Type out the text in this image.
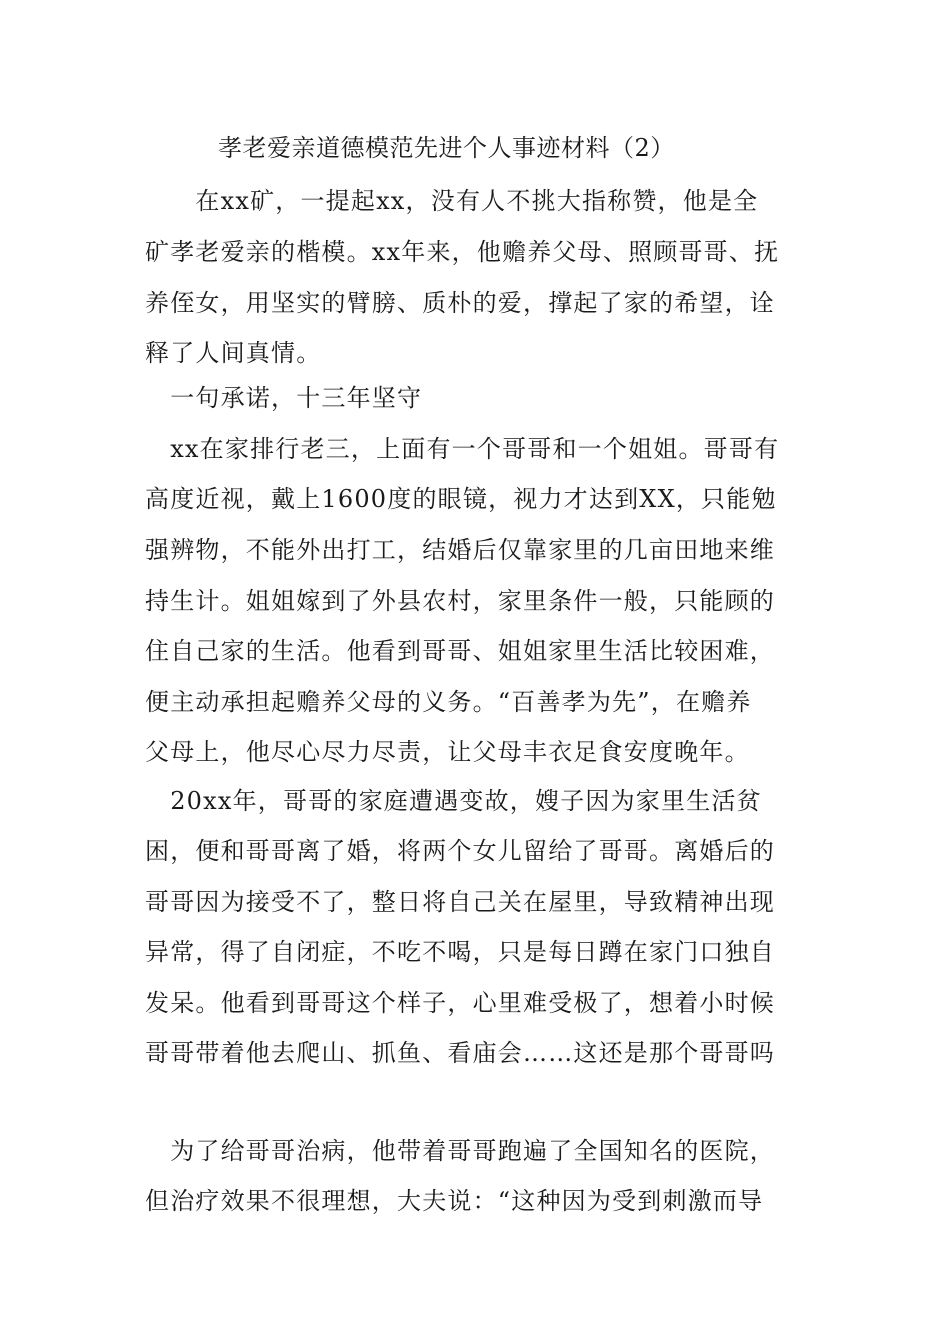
孝老爱亲道德模范先进个人事迹材料（2）
　　在xx矿，一提起xx，没有人不挑大指称赞，他是全
矿孝老爱亲的楷模。xx年来，他赡养父母、照顾哥哥、抚
养侄女，用坚实的臂膀、质朴的爱，撑起了家的希望，诠
释了人间真情。
　一句承诺，十三年坚守
　xx在家排行老三，上面有一个哥哥和一个姐姐。哥哥有
高度近视，戴上1600度的眼镜，视力才达到XX，只能勉
强辨物，不能外出打工，结婚后仅靠家里的几亩田地来维
持生计。姐姐嫁到了外县农村，家里条件一般，只能顾的
住自己家的生活。他看到哥哥、姐姐家里生活比较困难，
便主动承担起赡养父母的义务。“百善孝为先”，在赡养
父母上，他尽心尽力尽责，让父母丰衣足食安度晚年。
　20xx年，哥哥的家庭遭遇变故，嫂子因为家里生活贫
困，便和哥哥离了婚，将两个女儿留给了哥哥。离婚后的
哥哥因为接受不了，整日将自己关在屋里，导致精神出现
异常，得了自闭症，不吃不喝，只是每日蹲在家门口独自
发呆。他看到哥哥这个样子，心里难受极了，想着小时候
哥哥带着他去爬山、抓鱼、看庙会……这还是那个哥哥吗
　为了给哥哥治病，他带着哥哥跑遍了全国知名的医院，
但治疗效果不很理想，大夫说：“这种因为受到刺激而导
